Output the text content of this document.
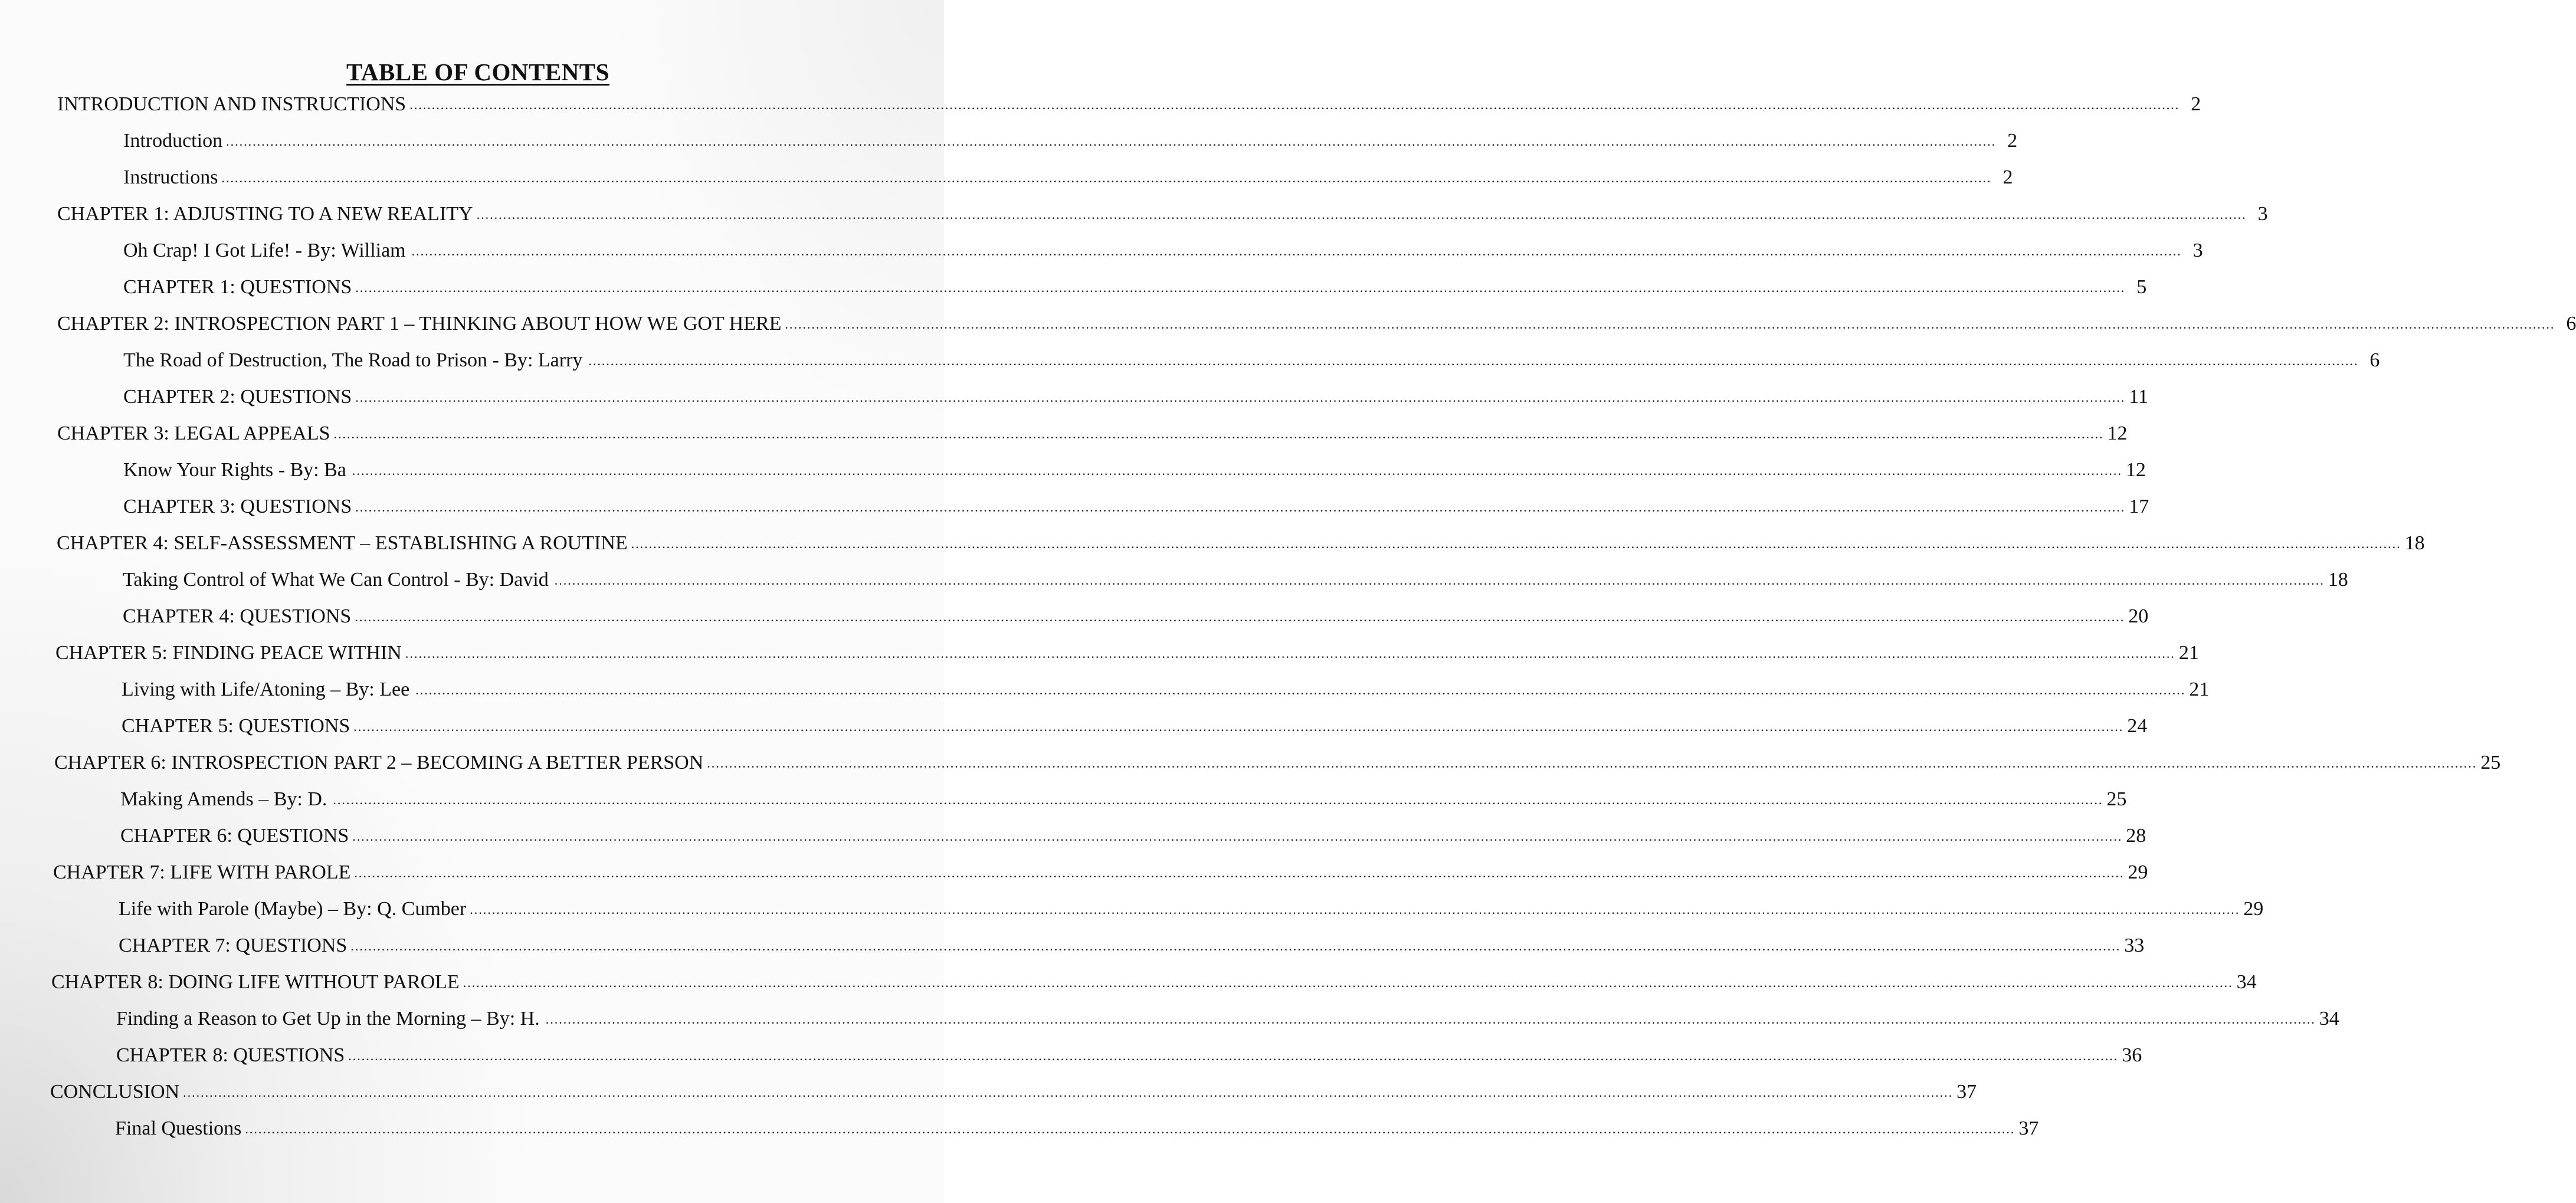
TABLE OF CONTENTS
INTRODUCTION AND INSTRUCTIONS ................................................................................................................................................................................................................................................................................................................................................................................................................ 2
Introduction ................................................................................................................................................................................................................................................................................................................................................................................................................ 2
Instructions ................................................................................................................................................................................................................................................................................................................................................................................................................ 2
CHAPTER 1: ADJUSTING TO A NEW REALITY ................................................................................................................................................................................................................................................................................................................................................................................................................ 3
Oh Crap! I Got Life! - By: William ................................................................................................................................................................................................................................................................................................................................................................................................................ 3
CHAPTER 1: QUESTIONS ................................................................................................................................................................................................................................................................................................................................................................................................................ 5
CHAPTER 2: INTROSPECTION PART 1 – THINKING ABOUT HOW WE GOT HERE ................................................................................................................................................................................................................................................................................................................................................................................................................ 6
The Road of Destruction, The Road to Prison - By: Larry ................................................................................................................................................................................................................................................................................................................................................................................................................ 6
CHAPTER 2: QUESTIONS ................................................................................................................................................................................................................................................................................................................................................................................................................ 11
CHAPTER 3: LEGAL APPEALS ................................................................................................................................................................................................................................................................................................................................................................................................................ 12
Know Your Rights - By: Ba ................................................................................................................................................................................................................................................................................................................................................................................................................ 12
CHAPTER 3: QUESTIONS ................................................................................................................................................................................................................................................................................................................................................................................................................ 17
CHAPTER 4: SELF-ASSESSMENT – ESTABLISHING A ROUTINE ................................................................................................................................................................................................................................................................................................................................................................................................................ 18
Taking Control of What We Can Control - By: David ................................................................................................................................................................................................................................................................................................................................................................................................................ 18
CHAPTER 4: QUESTIONS ................................................................................................................................................................................................................................................................................................................................................................................................................ 20
CHAPTER 5: FINDING PEACE WITHIN ................................................................................................................................................................................................................................................................................................................................................................................................................ 21
Living with Life/Atoning – By: Lee ................................................................................................................................................................................................................................................................................................................................................................................................................ 21
CHAPTER 5: QUESTIONS ................................................................................................................................................................................................................................................................................................................................................................................................................ 24
CHAPTER 6: INTROSPECTION PART 2 – BECOMING A BETTER PERSON ................................................................................................................................................................................................................................................................................................................................................................................................................ 25
Making Amends – By: D. ................................................................................................................................................................................................................................................................................................................................................................................................................ 25
CHAPTER 6: QUESTIONS ................................................................................................................................................................................................................................................................................................................................................................................................................ 28
CHAPTER 7: LIFE WITH PAROLE ................................................................................................................................................................................................................................................................................................................................................................................................................ 29
Life with Parole (Maybe) – By: Q. Cumber ................................................................................................................................................................................................................................................................................................................................................................................................................ 29
CHAPTER 7: QUESTIONS ................................................................................................................................................................................................................................................................................................................................................................................................................ 33
CHAPTER 8: DOING LIFE WITHOUT PAROLE ................................................................................................................................................................................................................................................................................................................................................................................................................ 34
Finding a Reason to Get Up in the Morning – By: H. ................................................................................................................................................................................................................................................................................................................................................................................................................ 34
CHAPTER 8: QUESTIONS ................................................................................................................................................................................................................................................................................................................................................................................................................ 36
CONCLUSION ................................................................................................................................................................................................................................................................................................................................................................................................................ 37
Final Questions ................................................................................................................................................................................................................................................................................................................................................................................................................ 37
